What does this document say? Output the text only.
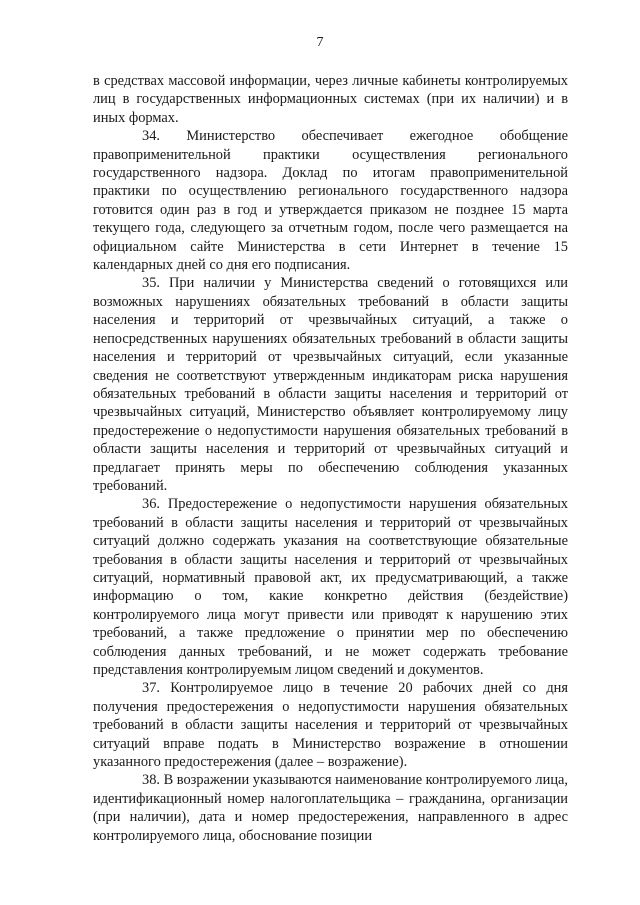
7

в средствах массовой информации, через личные кабинеты контролируемых лиц в государственных информационных системах (при их наличии) и в иных формах.

34. Министерство обеспечивает ежегодное обобщение правоприменительной практики осуществления регионального государственного надзора. Доклад по итогам правоприменительной практики по осуществлению регионального государственного надзора готовится один раз в год и утверждается приказом не позднее 15 марта текущего года, следующего за отчетным годом, после чего размещается на официальном сайте Министерства в сети Интернет в течение 15 календарных дней со дня его подписания.

35. При наличии у Министерства сведений о готовящихся или возможных нарушениях обязательных требований в области защиты населения и территорий от чрезвычайных ситуаций, а также о непосредственных нарушениях обязательных требований в области защиты населения и территорий от чрезвычайных ситуаций, если указанные сведения не соответствуют утвержденным индикаторам риска нарушения обязательных требований в области защиты населения и территорий от чрезвычайных ситуаций, Министерство объявляет контролируемому лицу предостережение о недопустимости нарушения обязательных требований в области защиты населения и территорий от чрезвычайных ситуаций и предлагает принять меры по обеспечению соблюдения указанных требований.

36. Предостережение о недопустимости нарушения обязательных требований в области защиты населения и территорий от чрезвычайных ситуаций должно содержать указания на соответствующие обязательные требования в области защиты населения и территорий от чрезвычайных ситуаций, нормативный правовой акт, их предусматривающий, а также информацию о том, какие конкретно действия (бездействие) контролируемого лица могут привести или приводят к нарушению этих требований, а также предложение о принятии мер по обеспечению соблюдения данных требований, и не может содержать требование представления контролируемым лицом сведений и документов.

37. Контролируемое лицо в течение 20 рабочих дней со дня получения предостережения о недопустимости нарушения обязательных требований в области защиты населения и территорий от чрезвычайных ситуаций вправе подать в Министерство возражение в отношении указанного предостережения (далее – возражение).

38. В возражении указываются наименование контролируемого лица, идентификационный номер налогоплательщика – гражданина, организации (при наличии), дата и номер предостережения, направленного в адрес контролируемого лица, обоснование позиции
